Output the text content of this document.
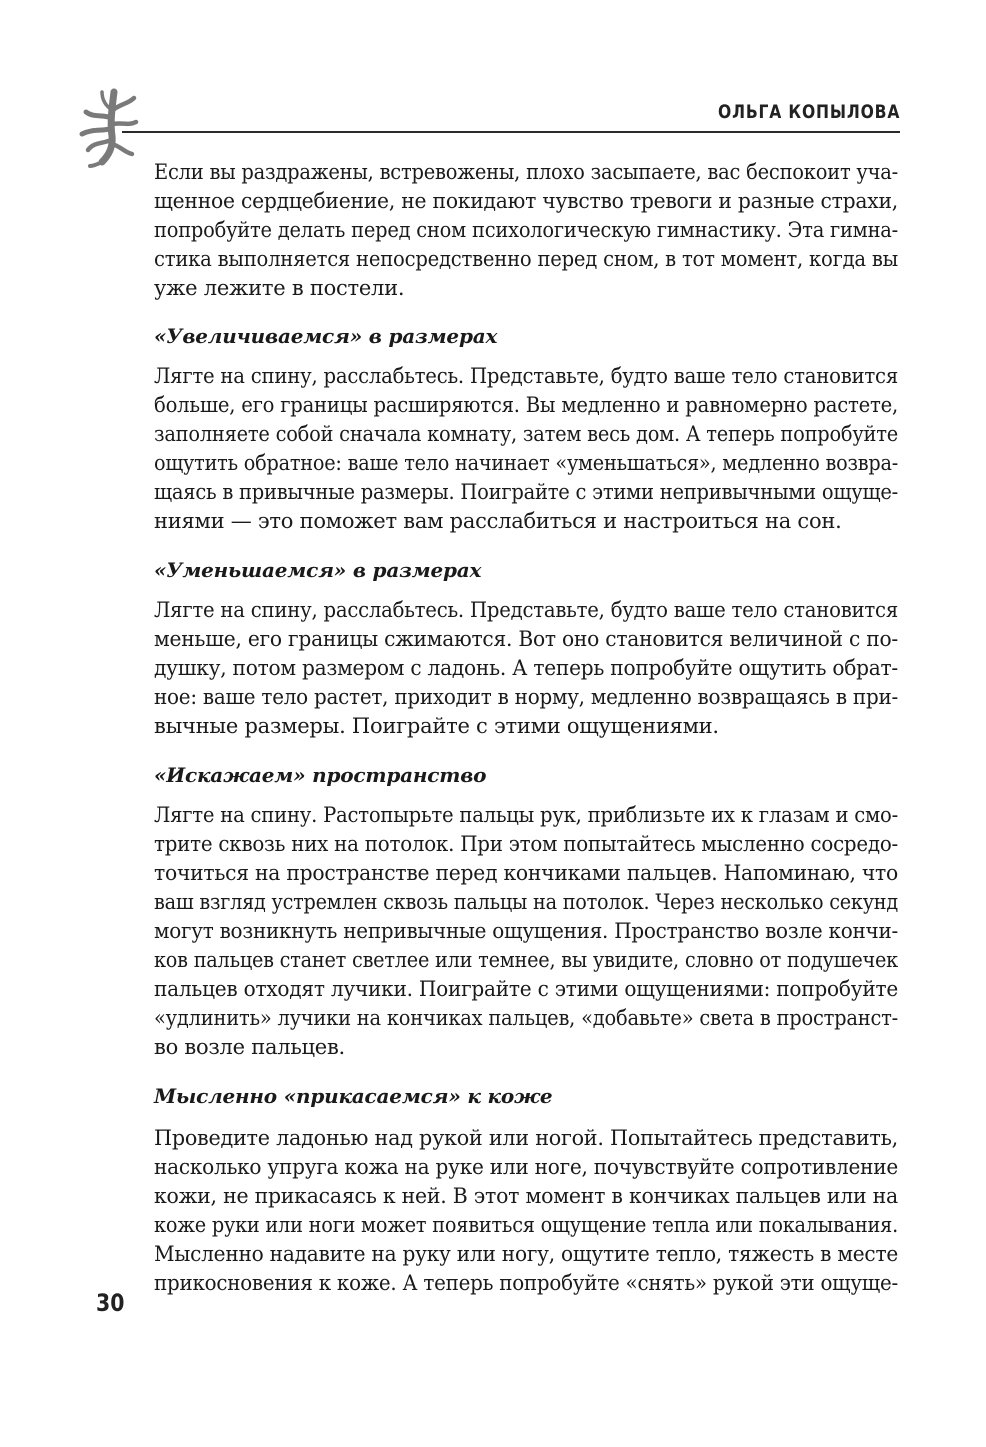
ОЛЬГА КОПЫЛОВА
Если вы раздражены, встревожены, плохо засыпаете, вас беспокоит уча-
щенное сердцебиение, не покидают чувство тревоги и разные страхи,
попробуйте делать перед сном психологическую гимнастику. Эта гимна-
стика выполняется непосредственно перед сном, в тот момент, когда вы
уже лежите в постели.
«Увеличиваемся» в размерах
Лягте на спину, расслабьтесь. Представьте, будто ваше тело становится
больше, его границы расширяются. Вы медленно и равномерно растете,
заполняете собой сначала комнату, затем весь дом. А теперь попробуйте
ощутить обратное: ваше тело начинает «уменьшаться», медленно возвра-
щаясь в привычные размеры. Поиграйте с этими непривычными ощуще-
ниями — это поможет вам расслабиться и настроиться на сон.
«Уменьшаемся» в размерах
Лягте на спину, расслабьтесь. Представьте, будто ваше тело становится
меньше, его границы сжимаются. Вот оно становится величиной с по-
душку, потом размером с ладонь. А теперь попробуйте ощутить обрат-
ное: ваше тело растет, приходит в норму, медленно возвращаясь в при-
вычные размеры. Поиграйте с этими ощущениями.
«Искажаем» пространство
Лягте на спину. Растопырьте пальцы рук, приблизьте их к глазам и смо-
трите сквозь них на потолок. При этом попытайтесь мысленно сосредо-
точиться на пространстве перед кончиками пальцев. Напоминаю, что
ваш взгляд устремлен сквозь пальцы на потолок. Через несколько секунд
могут возникнуть непривычные ощущения. Пространство возле кончи-
ков пальцев станет светлее или темнее, вы увидите, словно от подушечек
пальцев отходят лучики. Поиграйте с этими ощущениями: попробуйте
«удлинить» лучики на кончиках пальцев, «добавьте» света в пространст-
во возле пальцев.
Мысленно «прикасаемся» к коже
Проведите ладонью над рукой или ногой. Попытайтесь представить,
насколько упруга кожа на руке или ноге, почувствуйте сопротивление
кожи, не прикасаясь к ней. В этот момент в кончиках пальцев или на
коже руки или ноги может появиться ощущение тепла или покалывания.
Мысленно надавите на руку или ногу, ощутите тепло, тяжесть в месте
прикосновения к коже. А теперь попробуйте «снять» рукой эти ощуще-
30
